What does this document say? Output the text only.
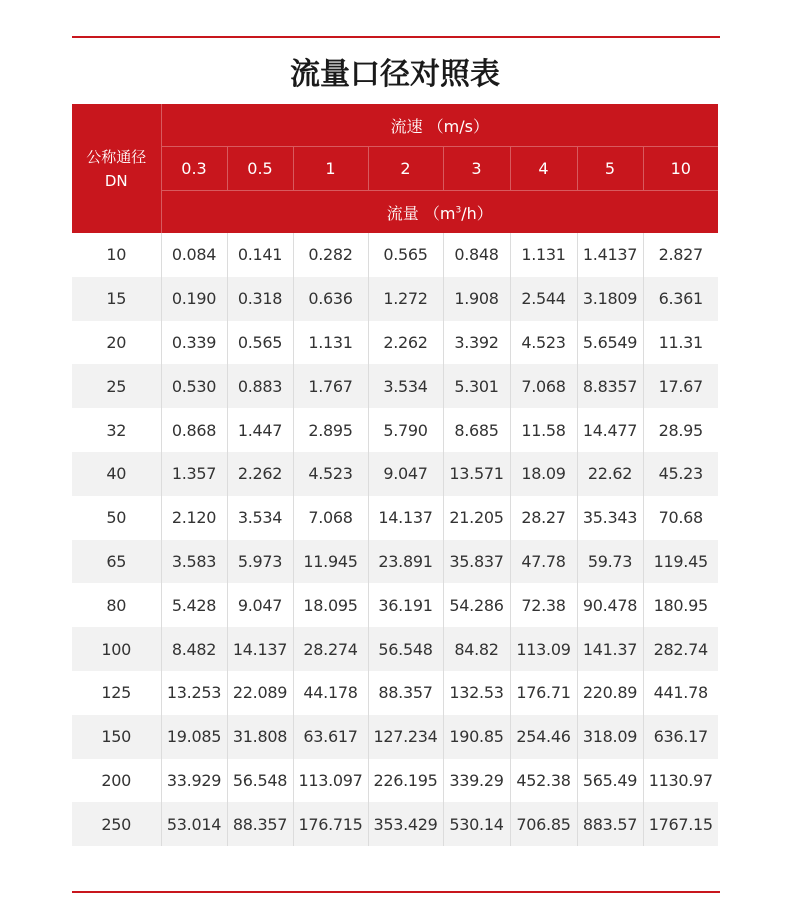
流量口径对照表
公称通径
DN	流速 （m/s）							
	0.3	0.5	1	2	3	4	5	10
	流量 $(m^3/h)$							
10	0.084	0.141	0.282	0.565	0.848	1.131	1.4137	2.827
15	0.190	0.318	0.636	1.272	1.908	2.544	3.1809	6.361
20	0.339	0.565	1.131	2.262	3.392	4.523	5.6549	11.31
25	0.530	0.883	1.767	3.534	5.301	7.068	8.8357	17.67
32	0.868	1.447	2.895	5.790	8.685	11.58	14.477	28.95
40	1.357	2.262	4.523	9.047	13.571	18.09	22.62	45.23
50	2.120	3.534	7.068	14.137	21.205	28.27	35.343	70.68
65	3.583	5.973	11.945	23.891	35.837	47.78	59.73	119.45
80	5.428	9.047	18.095	36.191	54.286	72.38	90.478	180.95
100	8.482	14.137	28.274	56.548	84.82	113.09	141.37	282.74
125	13.253	22.089	44.178	88.357	132.53	176.71	220.89	441.78
150	19.085	31.808	63.617	127.234	190.85	254.46	318.09	636.17
200	33.929	56.548	113.097	226.195	339.29	452.38	565.49	1130.97
250	53.014	88.357	176.715	353.429	530.14	706.85	883.57	1767.15
